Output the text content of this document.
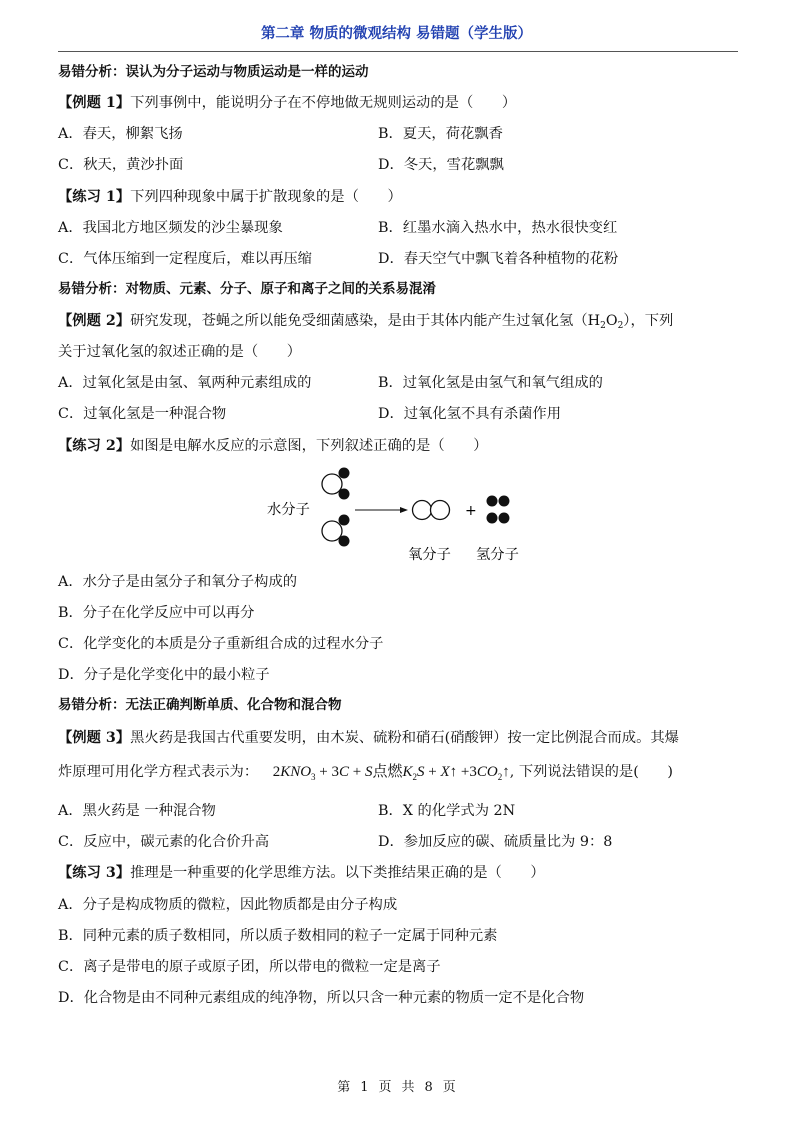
第二章 物质的微观结构 易错题（学生版）
易错分析：误认为分子运动与物质运动是一样的运动
【例题 1】下列事例中，能说明分子在不停地做无规则运动的是（　　）
A．春天，柳絮飞扬	B．夏天，荷花飘香
C．秋天，黄沙扑面	D．冬天，雪花飘飘
【练习 1】下列四种现象中属于扩散现象的是（　　）
A．我国北方地区频发的沙尘暴现象	B．红墨水滴入热水中，热水很快变红
C．气体压缩到一定程度后，难以再压缩	D．春天空气中飘飞着各种植物的花粉
易错分析：对物质、元素、分子、原子和离子之间的关系易混淆
【例题 2】研究发现，苍蝇之所以能免受细菌感染，是由于其体内能产生过氧化氢$(H_2O_2)$，下列
关于过氧化氢的叙述正确的是（　　）
A．过氧化氢是由氢、氧两种元素组成的	B．过氧化氢是由氢气和氧气组成的
C．过氧化氢是一种混合物	D．过氧化氢不具有杀菌作用
【练习 2】如图是电解水反应的示意图，下列叙述正确的是（　　）
水分子	+
氧分子 氢分子
A．水分子是由氢分子和氧分子构成的
B．分子在化学反应中可以再分
C．化学变化的本质是分子重新组合成的过程水分子
D．分子是化学变化中的最小粒子
易错分析：无法正确判断单质、化合物和混合物
【例题 3】黑火药是我国古代重要发明，由木炭、硫粉和硝石(硝酸钾）按一定比例混合而成。其爆
炸原理可用化学方程式表示为： $2KNO_3 + 3C + S$点燃$K_2S$ + X↑ $+3CO_2↑$, 下列说法错误的是(　　)
A．黑火药是 一种混合物	B．X 的化学式为 2N
C．反应中，碳元素的化合价升高	D．参加反应的碳、硫质量比为 9：8
【练习 3】推理是一种重要的化学思维方法。以下类推结果正确的是（　　）
A．分子是构成物质的微粒，因此物质都是由分子构成
B．同种元素的质子数相同，所以质子数相同的粒子一定属于同种元素
C．离子是带电的原子或原子团，所以带电的微粒一定是离子
D．化合物是由不同种元素组成的纯净物，所以只含一种元素的物质一定不是化合物
第 1 页 共 8 页
